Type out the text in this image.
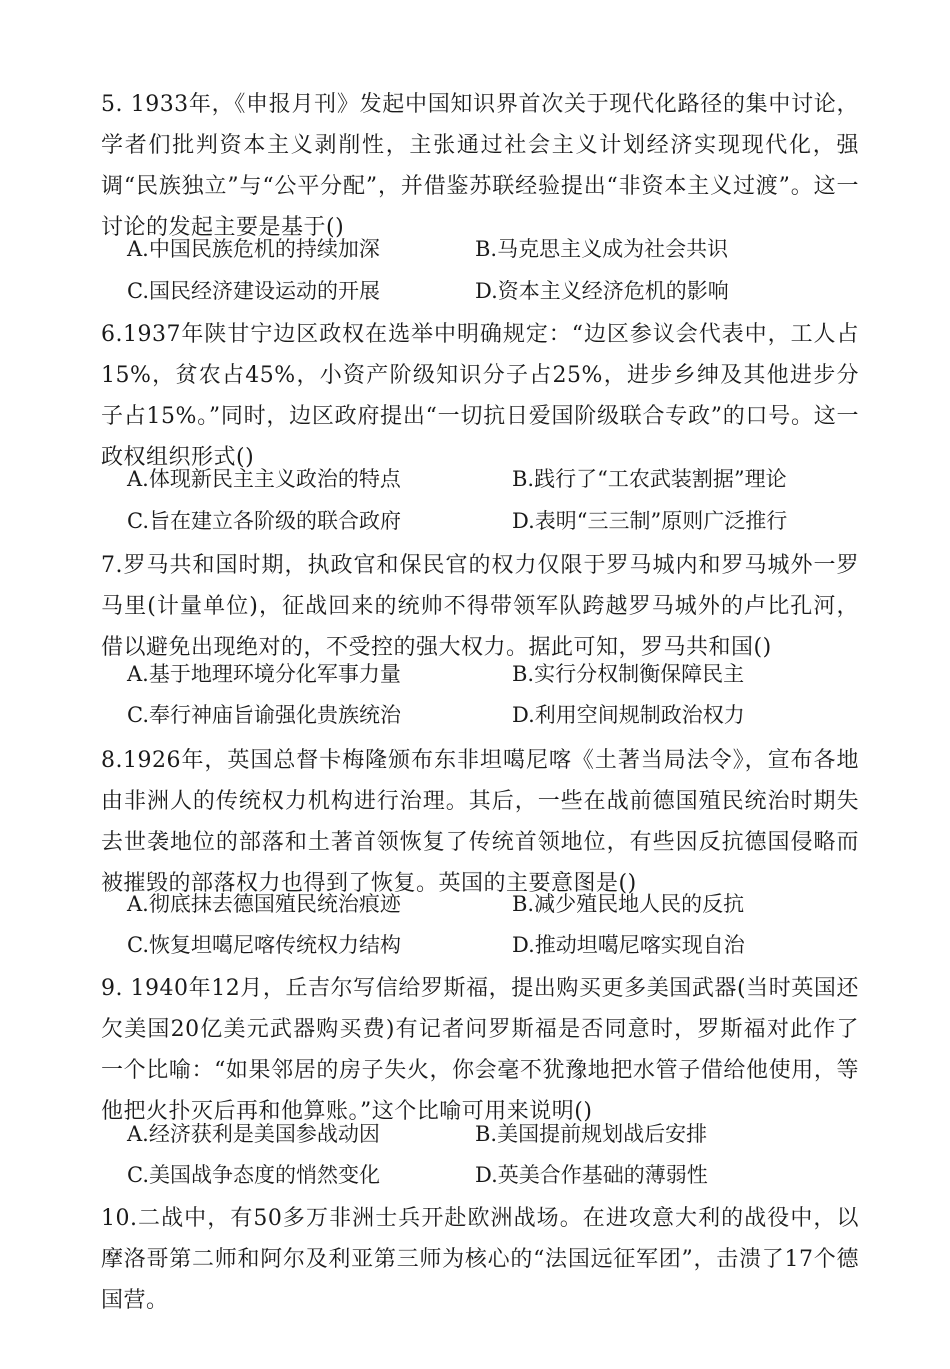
5. 1933年，《申报月刊》发起中国知识界首次关于现代化路径的集中讨论，学者们批判资本主义剥削性，主张通过社会主义计划经济实现现代化，强调“民族独立”与“公平分配”，并借鉴苏联经验提出“非资本主义过渡”。这一讨论的发起主要是基于()
A.中国民族危机的持续加深	B.马克思主义成为社会共识
C.国民经济建设运动的开展	D.资本主义经济危机的影响
6.1937年陕甘宁边区政权在选举中明确规定：“边区参议会代表中，工人占15%，贫农占45%，小资产阶级知识分子占25%，进步乡绅及其他进步分子占15%。”同时，边区政府提出“一切抗日爱国阶级联合专政”的口号。这一政权组织形式()
A.体现新民主主义政治的特点	B.践行了“工农武装割据”理论
C.旨在建立各阶级的联合政府	D.表明“三三制”原则广泛推行
7.罗马共和国时期，执政官和保民官的权力仅限于罗马城内和罗马城外一罗马里(计量单位)，征战回来的统帅不得带领军队跨越罗马城外的卢比孔河，借以避免出现绝对的，不受控的强大权力。据此可知，罗马共和国()
A.基于地理环境分化军事力量	B.实行分权制衡保障民主
C.奉行神庙旨谕强化贵族统治	D.利用空间规制政治权力
8.1926年，英国总督卡梅隆颁布东非坦噶尼喀《土著当局法令》，宣布各地由非洲人的传统权力机构进行治理。其后，一些在战前德国殖民统治时期失去世袭地位的部落和土著首领恢复了传统首领地位，有些因反抗德国侵略而被摧毁的部落权力也得到了恢复。英国的主要意图是()
A.彻底抹去德国殖民统治痕迹	B.减少殖民地人民的反抗
C.恢复坦噶尼喀传统权力结构	D.推动坦噶尼喀实现自治
9. 1940年12月，丘吉尔写信给罗斯福，提出购买更多美国武器(当时英国还欠美国20亿美元武器购买费)有记者问罗斯福是否同意时，罗斯福对此作了一个比喻：“如果邻居的房子失火，你会毫不犹豫地把水管子借给他使用，等他把火扑灭后再和他算账。”这个比喻可用来说明()
A.经济获利是美国参战动因	B.美国提前规划战后安排
C.美国战争态度的悄然变化	D.英美合作基础的薄弱性
10.二战中，有50多万非洲士兵开赴欧洲战场。在进攻意大利的战役中，以摩洛哥第二师和阿尔及利亚第三师为核心的“法国远征军团”，击溃了17个德国营。
